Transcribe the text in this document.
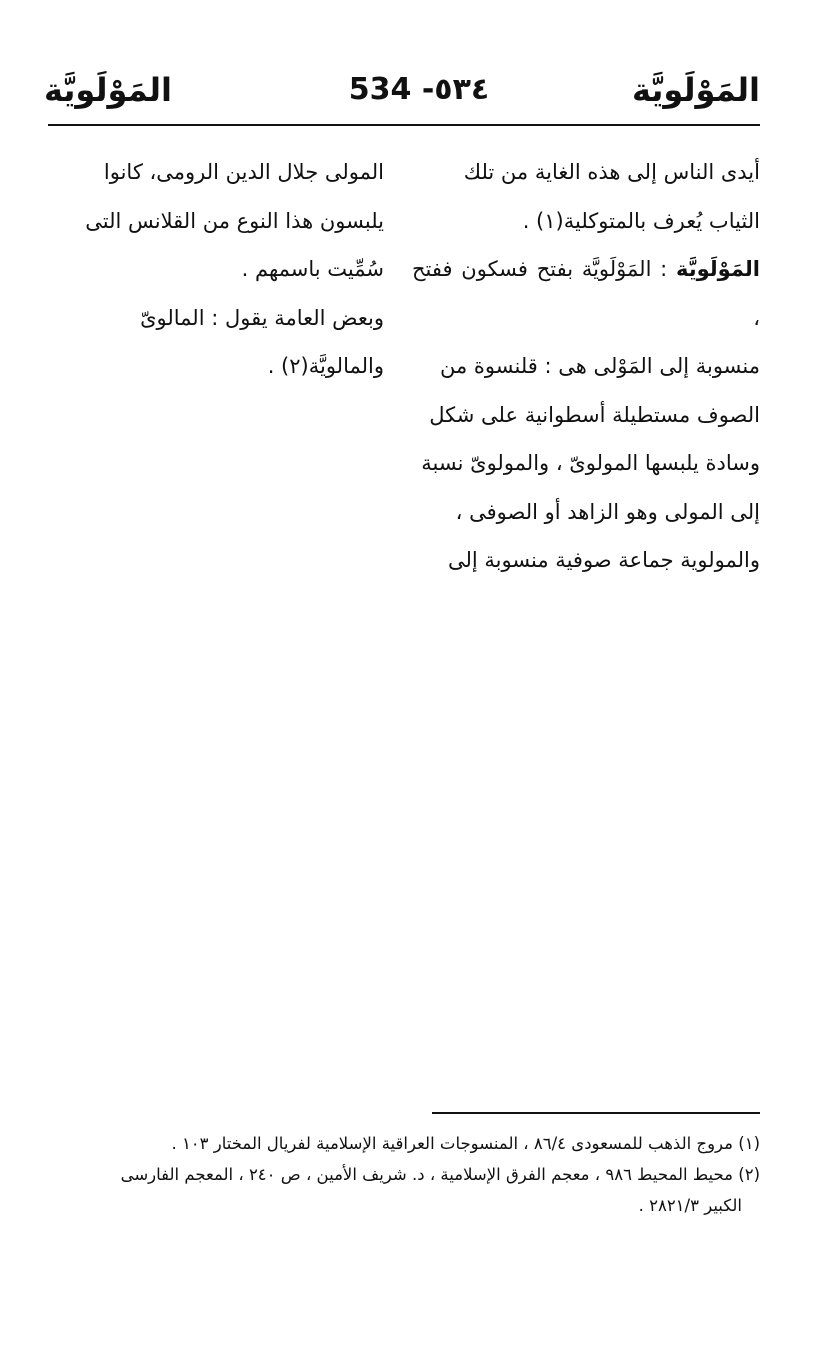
المَوْلَويَّة
534 -٥٣٤
المَوْلَويَّة

أيدى الناس إلى هذه الغاية من تلك

الثياب يُعرف بالمتوكلية(١) .

المَوْلَويَّة : المَوْلَويَّة بفتح فسكون ففتح ،

منسوبة إلى المَوْلى هى : قلنسوة من

الصوف مستطيلة أسطوانية على شكل

وسادة يلبسها المولوىّ ، والمولوىّ نسبة

إلى المولى وهو الزاهد أو الصوفى ،

والمولوية جماعة صوفية منسوبة إلى

المولى جلال الدين الرومى، كانوا

يلبسون هذا النوع من القلانس التى

سُمِّيت باسمهم .

وبعض العامة يقول : المالوىّ

والمالويَّة(٢) .

(١) مروج الذهب للمسعودى ٨٦/٤ ، المنسوجات العراقية الإسلامية لفريال المختار ١٠٣ .

(٢) محيط المحيط ٩٨٦ ، معجم الفرق الإسلامية ، د. شريف الأمين ، ص ٢٤٠ ، المعجم الفارسى

الكبير ٢٨٢١/٣ .
